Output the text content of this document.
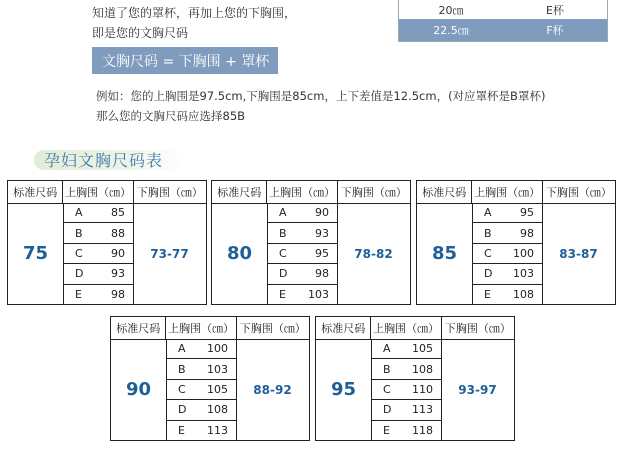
知道了您的罩杯，再加上您的下胸围，
即是您的文胸尺码
20㎝	E杯
22.5㎝	F杯
文胸尺码 = 下胸围 + 罩杯
例如：您的上胸围是97.5cm,下胸围是85cm，上下差值是12.5cm，(对应罩杯是B罩杯)
那么您的文胸尺码应选择85B
孕妇文胸尺码表
标准尺码 上胸围（㎝） 下胸围（㎝）
75
A	85
B	88
C	90
D	93
E	98
73-77
标准尺码 上胸围（㎝） 下胸围（㎝）
80
A	90
B	93
C	95
D	98
E	103
78-82
标准尺码 上胸围（㎝） 下胸围（㎝）
85
A	95
B	98
C	100
D	103
E	108
83-87
标准尺码 上胸围（㎝） 下胸围（㎝）
90
A	100
B	103
C	105
D	108
E	113
88-92
标准尺码 上胸围（㎝） 下胸围（㎝）
95
A	105
B	108
C	110
D	113
E	118
93-97
